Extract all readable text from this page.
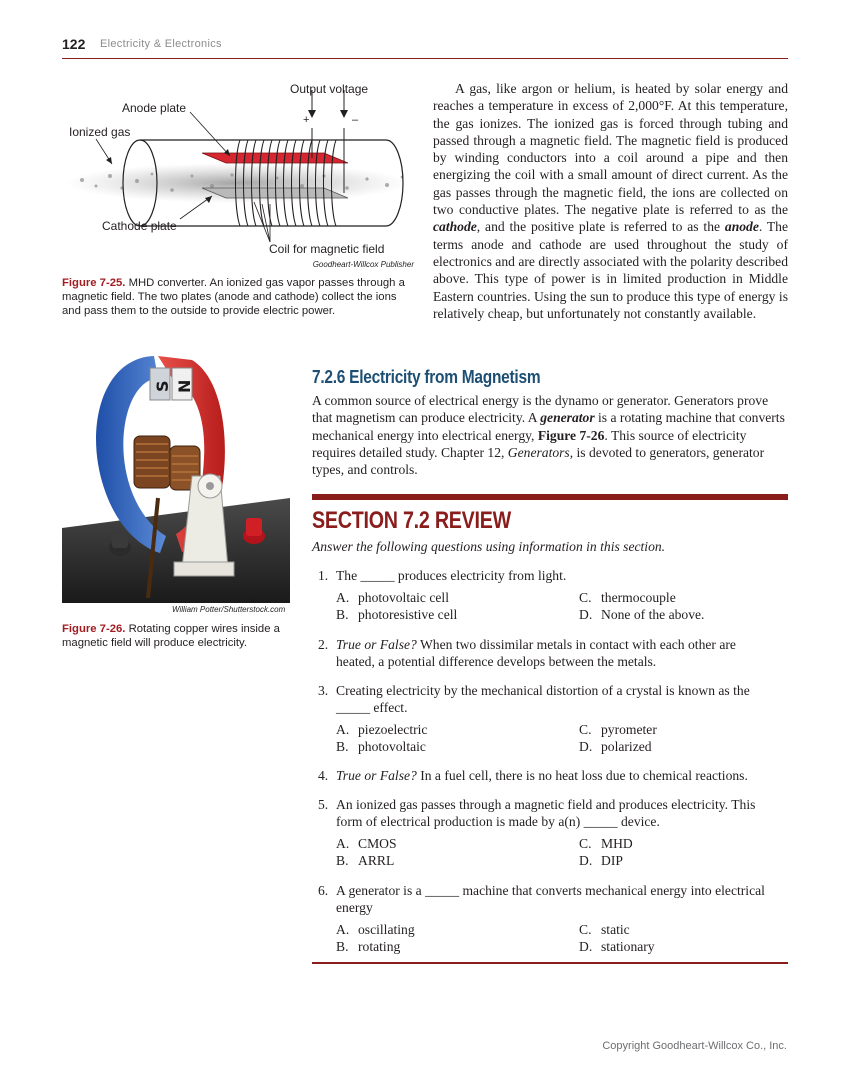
122 Electricity & Electronics
Output voltage
+	–
Anode plate
Ionized gas
Cathode plate
Coil for magnetic field
Goodheart-Willcox Publisher
Figure 7-25. MHD converter. An ionized gas vapor passes through a magnetic field. The two plates (anode and cathode) collect the ions and pass them to the outside to provide electric power.

A gas, like argon or helium, is heated by solar energy and reaches a temperature in excess of 2,000°F. At this temperature, the gas ionizes. The ionized gas is forced through tubing and passed through a magnetic field. The magnetic field is produced by winding conductors into a coil around a pipe and then energizing the coil with a small amount of direct current. As the gas passes through the magnetic field, the ions are collected on two conductive plates. The negative plate is referred to as the cathode, and the positive plate is referred to as the anode. The terms anode and cathode are used throughout the study of electronics and are directly associated with the polarity described above. This type of power is in limited production in Middle Eastern countries. Using the sun to produce this type of energy is relatively cheap, but unfortunately not constantly available.

S N
William Potter/Shutterstock.com
Figure 7-26. Rotating copper wires inside a magnetic field will produce electricity.
7.2.6 Electricity from Magnetism
A common source of electrical energy is the dynamo or generator. Generators prove that magnetism can produce electricity. A generator is a rotating machine that converts mechanical energy into electrical energy, Figure 7-26. This source of electricity requires detailed study. Chapter 12, Generators, is devoted to generators, generator types, and controls.
SECTION 7.2 REVIEW
Answer the following questions using information in this section.
1. The _____ produces electricity from light.
A. photovoltaic cell
B. photoresistive cell
C. thermocouple
D. None of the above.
2. True or False? When two dissimilar metals in contact with each other are heated, a potential difference develops between the metals.
3. Creating electricity by the mechanical distortion of a crystal is known as the _____ effect.
A. piezoelectric
B. photovoltaic
C. pyrometer
D. polarized
4. True or False? In a fuel cell, there is no heat loss due to chemical reactions.
5. An ionized gas passes through a magnetic field and produces electricity. This form of electrical production is made by a(n) _____ device.
A. CMOS
B. ARRL
C. MHD
D. DIP
6. A generator is a _____ machine that converts mechanical energy into electrical energy
A. oscillating
B. rotating
C. static
D. stationary
Copyright Goodheart-Willcox Co., Inc.
